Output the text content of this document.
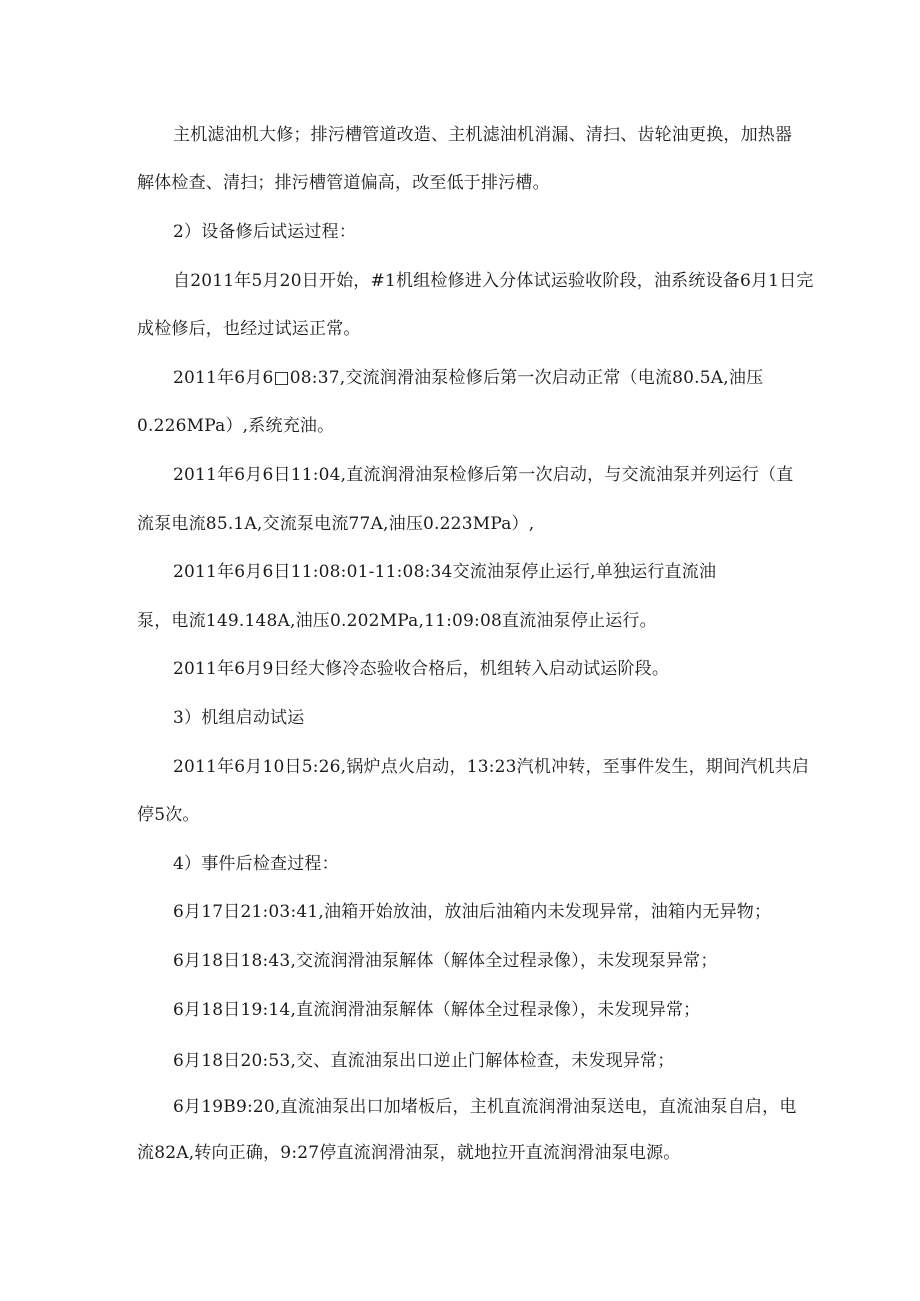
主机滤油机大修；排污槽管道改造、主机滤油机消漏、清扫、齿轮油更换，加热器
解体检查、清扫；排污槽管道偏高，改至低于排污槽。
2）设备修后试运过程：
自2011年5月20日开始，#1机组检修进入分体试运验收阶段，油系统设备6月1日完
成检修后，也经过试运正常。
2011年6月6□08:37,交流润滑油泵检修后第一次启动正常（电流80.5A,油压
0.226MPa）,系统充油。
2011年6月6日11:04,直流润滑油泵检修后第一次启动，与交流油泵并列运行（直
流泵电流85.1A,交流泵电流77A,油压0.223MPa）,
2011年6月6日11:08:01-11:08:34交流油泵停止运行,单独运行直流油
泵，电流149.148A,油压0.202MPa,11:09:08直流油泵停止运行。
2011年6月9日经大修冷态验收合格后，机组转入启动试运阶段。
3）机组启动试运
2011年6月10日5:26,锅炉点火启动，13:23汽机冲转，至事件发生，期间汽机共启
停5次。
4）事件后检查过程：
6月17日21:03:41,油箱开始放油，放油后油箱内未发现异常，油箱内无异物；
6月18日18:43,交流润滑油泵解体（解体全过程录像），未发现泵异常；
6月18日19:14,直流润滑油泵解体（解体全过程录像），未发现异常；
6月18日20:53,交、直流油泵出口逆止门解体检查，未发现异常；
6月19B9:20,直流油泵出口加堵板后，主机直流润滑油泵送电，直流油泵自启，电
流82A,转向正确，9:27停直流润滑油泵，就地拉开直流润滑油泵电源。
